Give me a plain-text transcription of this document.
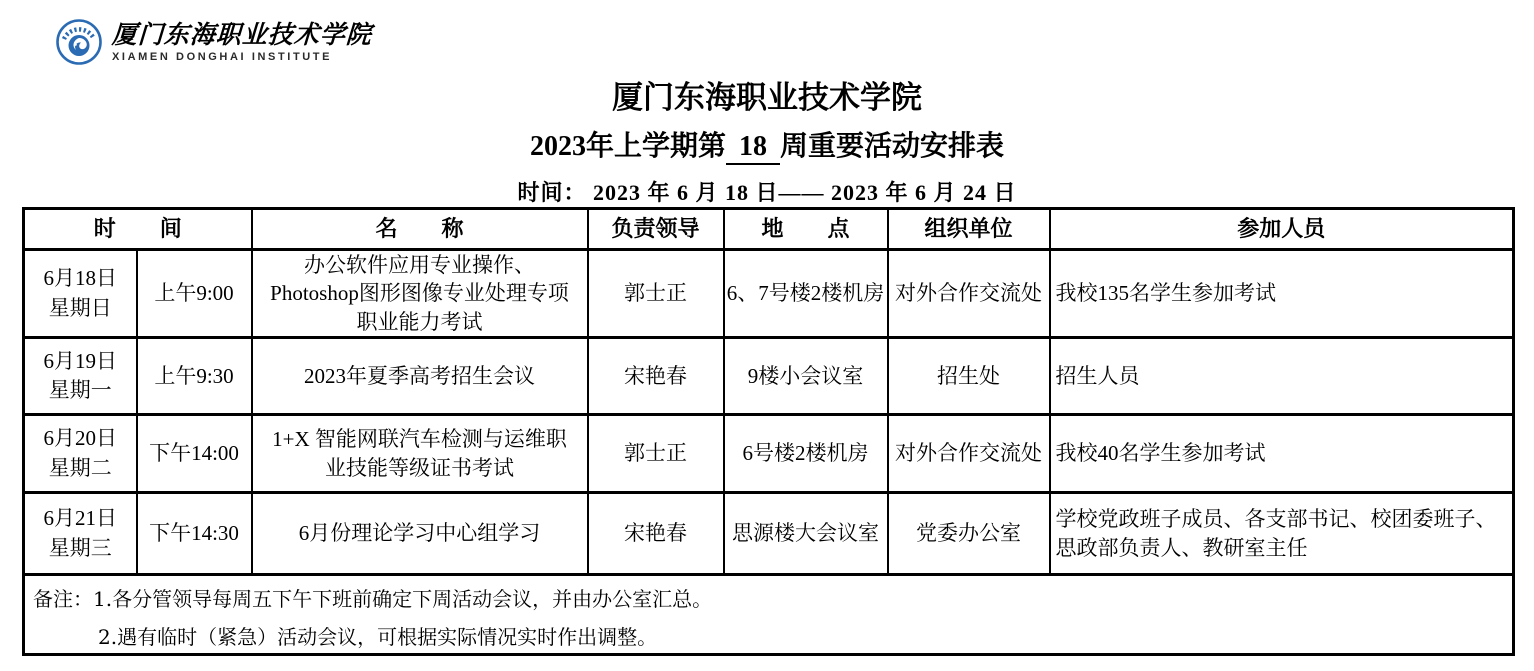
厦门东海职业技术学院
XIAMEN DONGHAI INSTITUTE
厦门东海职业技术学院
2023年上学期第 18 周重要活动安排表
时间： 2023 年 6 月 18 日—— 2023 年 6 月 24 日
时　　间		名　　称	负责领导	地　　点	组织单位	参加人员

6月18日
星期日	上午9:00	办公软件应用专业操作、Photoshop图形图像专业处理专项职业能力考试	郭士正	6、7号楼2楼机房	对外合作交流处	我校135名学生参加考试

6月19日
星期一	上午9:30	2023年夏季高考招生会议	宋艳春	9楼小会议室	招生处	招生人员

6月20日
星期二	下午14:00	1+X 智能网联汽车检测与运维职业技能等级证书考试	郭士正	6号楼2楼机房	对外合作交流处	我校40名学生参加考试

6月21日
星期三	下午14:30	6月份理论学习中心组学习	宋艳春	思源楼大会议室	党委办公室	学校党政班子成员、各支部书记、校团委班子、思政部负责人、教研室主任

备注：1.各分管领导每周五下午下班前确定下周活动会议，并由办公室汇总。
2.遇有临时（紧急）活动会议，可根据实际情况实时作出调整。						
